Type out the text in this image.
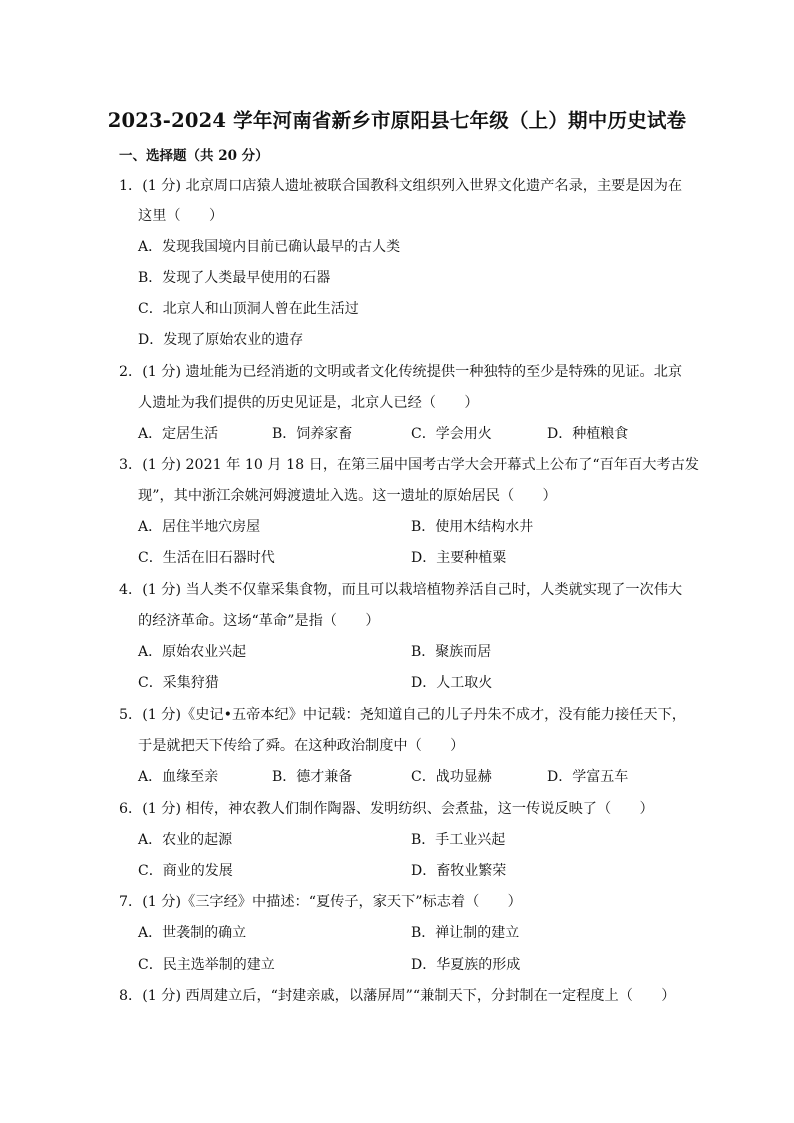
2023-2024 学年河南省新乡市原阳县七年级（上）期中历史试卷
一、选择题（共 20 分）
1．(1 分) 北京周口店猿人遗址被联合国教科文组织列入世界文化遗产名录，主要是因为在
这里（　　）
A．发现我国境内目前已确认最早的古人类
B．发现了人类最早使用的石器
C．北京人和山顶洞人曾在此生活过
D．发现了原始农业的遗存
2．(1 分) 遗址能为已经消逝的文明或者文化传统提供一种独特的至少是特殊的见证。北京
人遗址为我们提供的历史见证是，北京人已经（　　）
A．定居生活	B．饲养家畜	C．学会用火	D．种植粮食
3．(1 分) 2021 年 10 月 18 日，在第三届中国考古学大会开幕式上公布了“百年百大考古发
现”，其中浙江余姚河姆渡遗址入选。这一遗址的原始居民（　　）
A．居住半地穴房屋	B．使用木结构水井
C．生活在旧石器时代	D．主要种植粟
4．(1 分) 当人类不仅靠采集食物，而且可以栽培植物养活自己时，人类就实现了一次伟大
的经济革命。这场“革命”是指（　　）
A．原始农业兴起	B．聚族而居
C．采集狩猎	D．人工取火
5．(1 分)《史记•五帝本纪》中记载：尧知道自己的儿子丹朱不成才，没有能力接任天下，
于是就把天下传给了舜。在这种政治制度中（　　）
A．血缘至亲	B．德才兼备	C．战功显赫	D．学富五车
6．(1 分) 相传，神农教人们制作陶器、发明纺织、会煮盐，这一传说反映了（　　）
A．农业的起源	B．手工业兴起
C．商业的发展	D．畜牧业繁荣
7．(1 分)《三字经》中描述：“夏传子，家天下”标志着（　　）
A．世袭制的确立	B．禅让制的建立
C．民主选举制的建立	D．华夏族的形成
8．(1 分) 西周建立后，“封建亲戚，以藩屏周”“兼制天下，分封制在一定程度上（　　）
